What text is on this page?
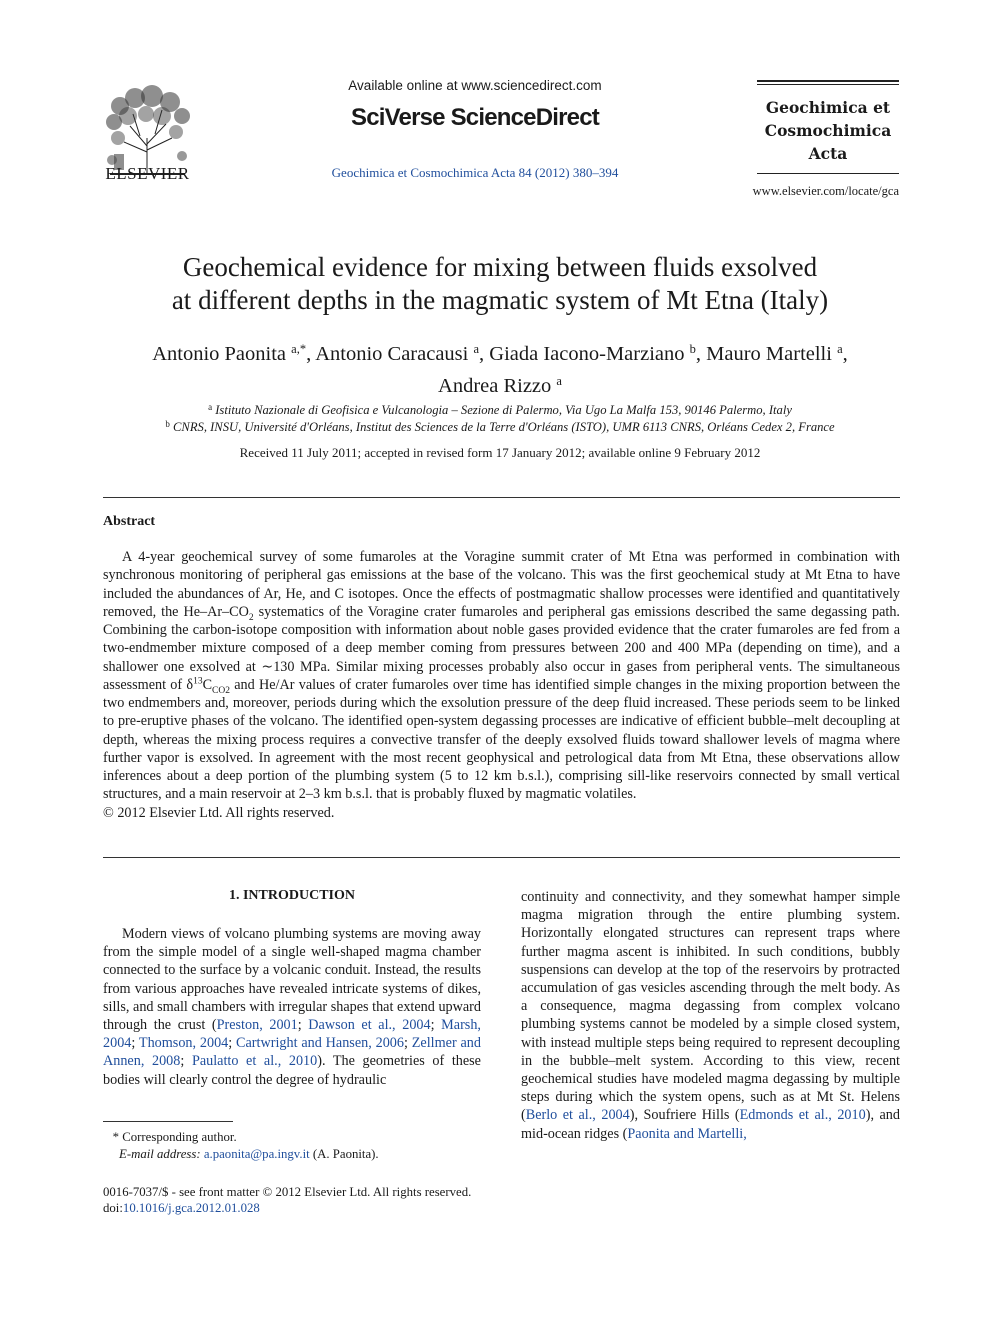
ELSEVIER
Available online at www.sciencedirect.com
SciVerse ScienceDirect
Geochimica et Cosmochimica Acta 84 (2012) 380–394
Geochimica et
Cosmochimica
Acta
www.elsevier.com/locate/gca
Geochemical evidence for mixing between fluids exsolved
at different depths in the magmatic system of Mt Etna (Italy)
Antonio Paonita $^{a,*}$, Antonio Caracausi $^a$, Giada Iacono-Marziano $^b$, Mauro Martelli $^a$,
Andrea Rizzo $^a$
$^a$ Istituto Nazionale di Geofisica e Vulcanologia – Sezione di Palermo, Via Ugo La Malfa 153, 90146 Palermo, Italy
$^b$ CNRS, INSU, Université d'Orléans, Institut des Sciences de la Terre d'Orléans (ISTO), UMR 6113 CNRS, Orléans Cedex 2, France
Received 11 July 2011; accepted in revised form 17 January 2012; available online 9 February 2012
Abstract
A 4-year geochemical survey of some fumaroles at the Voragine summit crater of Mt Etna was performed in combination with synchronous monitoring of peripheral gas emissions at the base of the volcano. This was the first geochemical study at Mt Etna to have included the abundances of Ar, He, and C isotopes. Once the effects of postmagmatic shallow processes were identified and quantitatively removed, the $He-Ar-CO_2$ systematics of the Voragine crater fumaroles and peripheral gas emissions described the same degassing path. Combining the carbon-isotope composition with information about noble gases provided evidence that the crater fumaroles are fed from a two-endmember mixture composed of a deep member coming from pressures between 200 and 400 MPa (depending on time), and a shallower one exsolved at ∼130 MPa. Similar mixing processes probably also occur in gases from peripheral vents. The simultaneous assessment of $\delta^{13}C_{CO2}$ and He/Ar values of crater fumaroles over time has identified simple changes in the mixing proportion between the two endmembers and, moreover, periods during which the exsolution pressure of the deep fluid increased. These periods seem to be linked to pre-eruptive phases of the volcano. The identified open-system degassing processes are indicative of efficient bubble–melt decoupling at depth, whereas the mixing process requires a convective transfer of the deeply exsolved fluids toward shallower levels of magma where further vapor is exsolved. In agreement with the most recent geophysical and petrological data from Mt Etna, these observations allow inferences about a deep portion of the plumbing system (5 to 12 km b.s.l.), comprising sill-like reservoirs connected by small vertical structures, and a main reservoir at 2–3 km b.s.l. that is probably fluxed by magmatic volatiles.
© 2012 Elsevier Ltd. All rights reserved.
1. INTRODUCTION
Modern views of volcano plumbing systems are moving away from the simple model of a single well-shaped magma chamber connected to the surface by a volcanic conduit. Instead, the results from various approaches have revealed intricate systems of dikes, sills, and small chambers with irregular shapes that extend upward through the crust (Preston, 2001; Dawson et al., 2004; Marsh, 2004; Thomson, 2004; Cartwright and Hansen, 2006; Zellmer and Annen, 2008; Paulatto et al., 2010). The geometries of these bodies will clearly control the degree of hydraulic
continuity and connectivity, and they somewhat hamper simple magma migration through the entire plumbing system. Horizontally elongated structures can represent traps where further magma ascent is inhibited. In such conditions, bubbly suspensions can develop at the top of the reservoirs by protracted accumulation of gas vesicles ascending through the melt body. As a consequence, magma degassing from complex volcano plumbing systems cannot be modeled by a simple closed system, with instead multiple steps being required to represent decoupling in the bubble–melt system. According to this view, recent geochemical studies have modeled magma degassing by multiple steps during which the system opens, such as at Mt St. Helens (Berlo et al., 2004), Soufriere Hills (Edmonds et al., 2010), and mid-ocean ridges (Paonita and Martelli,
* Corresponding author.
E-mail address: a.paonita@pa.ingv.it (A. Paonita).
0016-7037/$ - see front matter © 2012 Elsevier Ltd. All rights reserved.
doi:10.1016/j.gca.2012.01.028
